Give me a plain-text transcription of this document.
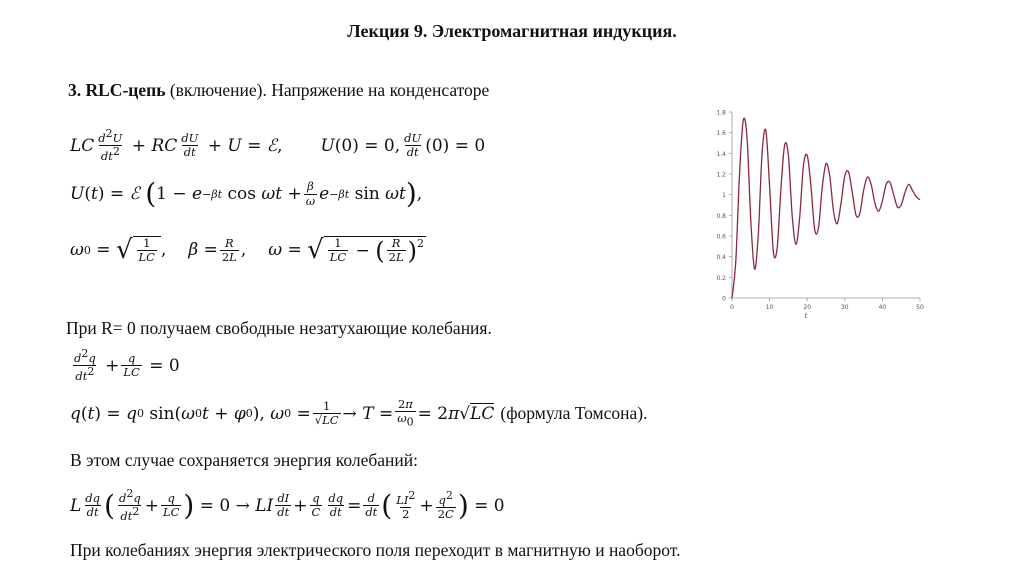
Лекция 9. Электромагнитная индукция.
3. RLC-цепь (включение). Напряжение на конденсаторе
LC $\frac{d^2U}{dt^2}$ + RC $\frac{dU}{dt} + U$ = ℰ , U (0) = 0, $\frac{dU}{dt} (0) = 0$
U ( t ) = ℰ
( 1 − e −βt $\cos \omega t + \frac{\beta}{\omega}$ e −βt sin ωt ) ,
ω 0 = √ $\frac{1}{LC}$ , $\beta = \frac{R}{2L}$ , ω = √ $\frac{1}{LC}$ − ( $\frac{R}{2L} )^2$
0
0.2
0.4
0.6
0.8
1
1.2
1.4
1.6
1.8
0	10	20	30	40	50
t
При R= 0 получаем свободные незатухающие колебания.
$\frac{d^2q}{dt^2} + \frac{q}{LC} = 0$
q ( t ) = q 0 sin( ω 0 t + φ 0 ), ω $0 = \frac{1}{√LC} \to T = \frac{2\pi}{\omega_0} = 2$ π √ LC (формула Томсона).
В этом случае сохраняется энергия колебаний:
L $\frac{dq}{dt}$ ( $\frac{d^2q}{dt^2} + \frac{q}{LC}$ ) = 0 → LI $\frac{dI}{dt} + \frac{q}{C} \frac{dq}{dt} = \frac{d}{dt}$ ( $\frac{LI^2}{2} + \frac{q^2}{2C}$ ) = 0
При колебаниях энергия электрического поля переходит в магнитную и наоборот.
